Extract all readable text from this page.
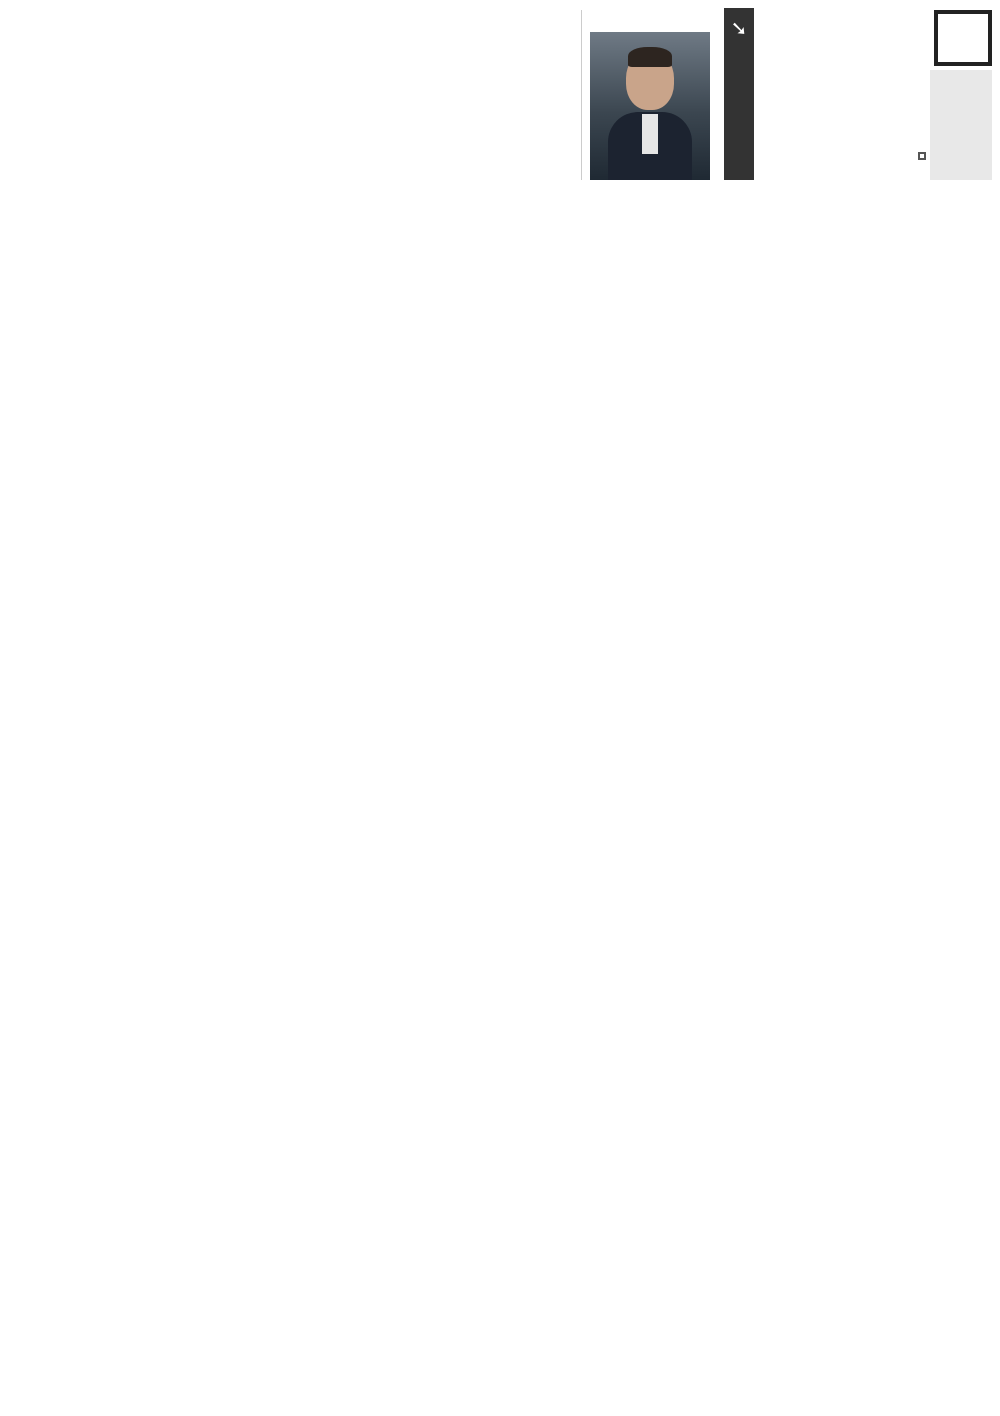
➘
